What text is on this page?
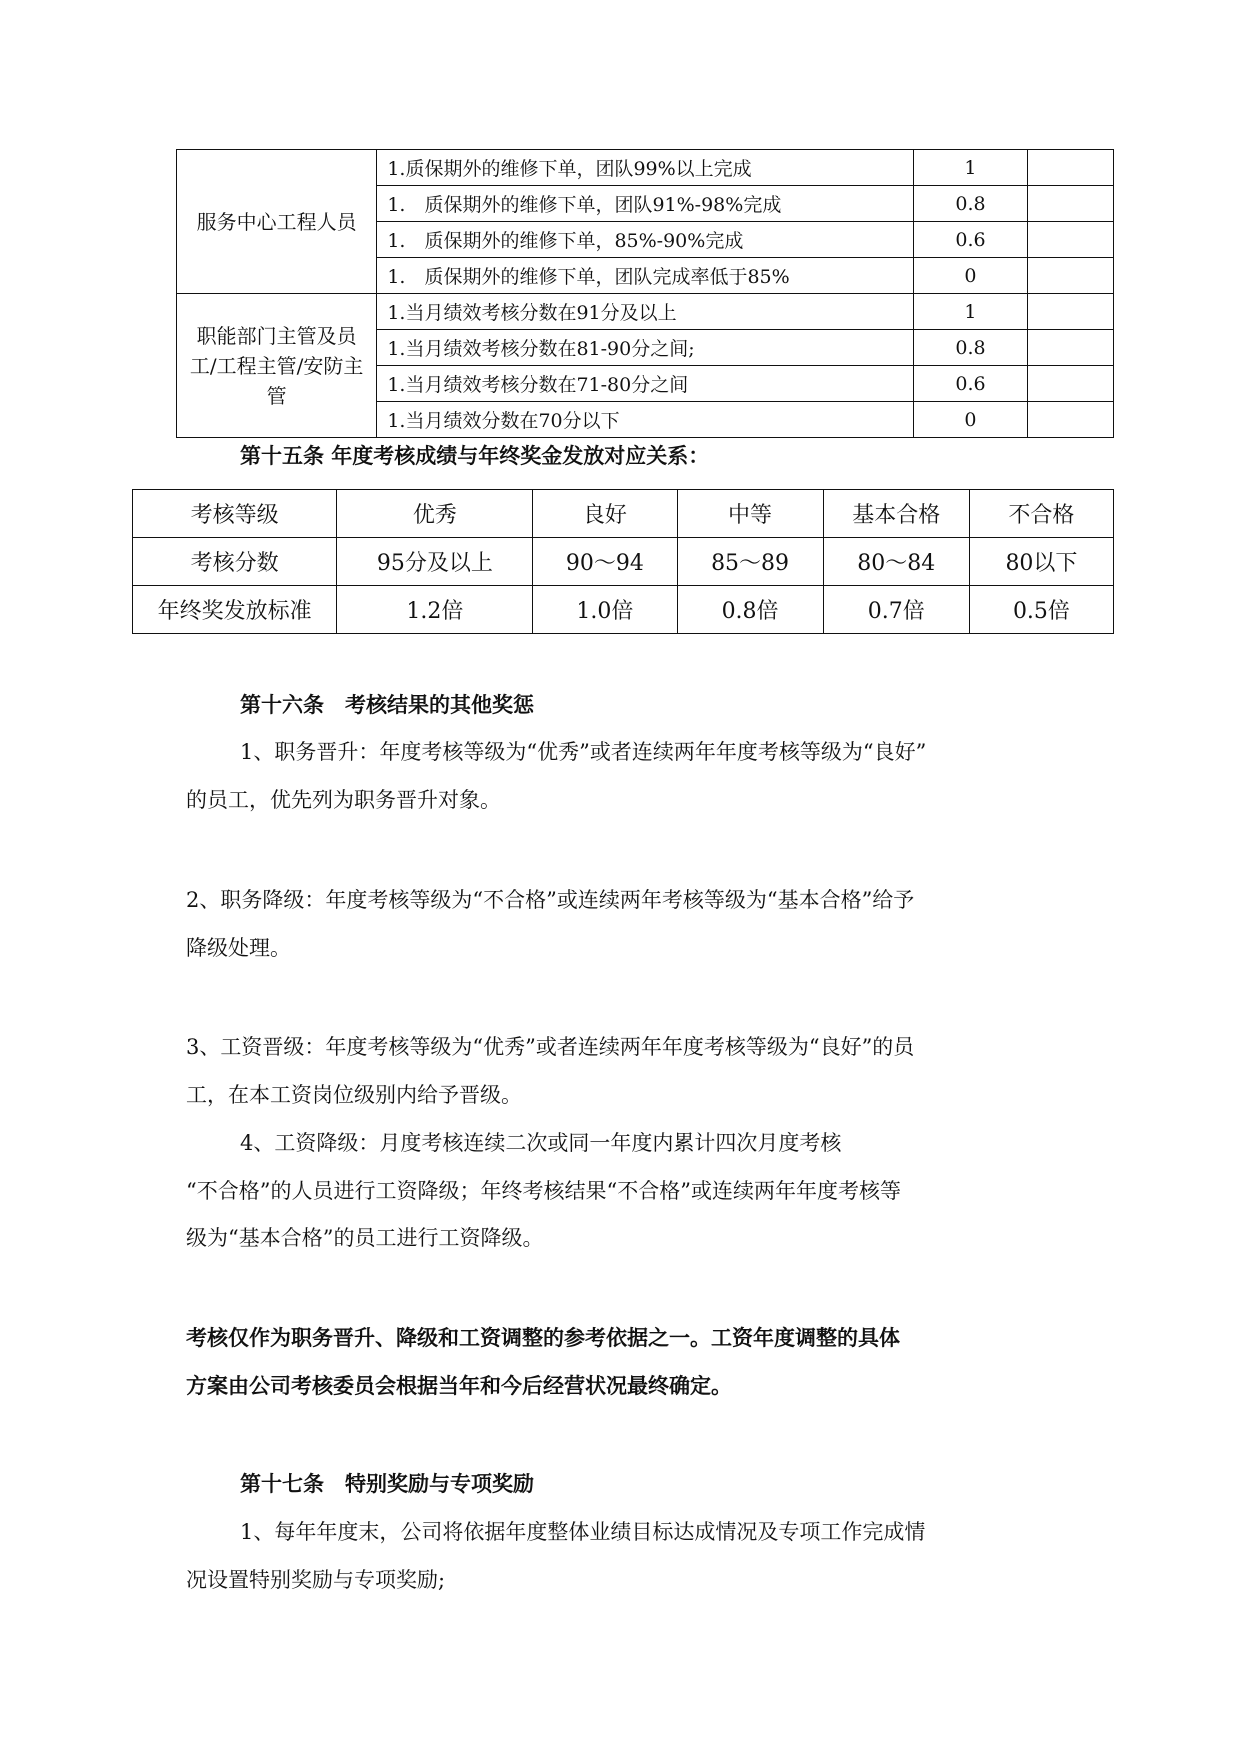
服务中心工程人员	1.质保期外的维修下单，团队99%以上完成	1	
	1.　质保期外的维修下单，团队91%-98%完成	0.8	
	1.　质保期外的维修下单，85%-90%完成	0.6	
	1.　质保期外的维修下单，团队完成率低于85%	0	

职能部门主管及员工/工程主管/安防主管	1.当月绩效考核分数在91分及以上	1	
	1.当月绩效考核分数在81-90分之间;	0.8	
	1.当月绩效考核分数在71-80分之间	0.6	
	1.当月绩效分数在70分以下	0	
第十五条 年度考核成绩与年终奖金发放对应关系：
考核等级	优秀	良好	中等	基本合格	不合格
考核分数	95分及以上	90～94	85～89	80～84	80以下
年终奖发放标准	1.2倍	1.0倍	0.8倍	0.7倍	0.5倍
第十六条　考核结果的其他奖惩
1、职务晋升：年度考核等级为“优秀”或者连续两年年度考核等级为“良好”
的员工，优先列为职务晋升对象。
2、职务降级：年度考核等级为“不合格”或连续两年考核等级为“基本合格”给予
降级处理。
3、工资晋级：年度考核等级为“优秀”或者连续两年年度考核等级为“良好”的员
工，在本工资岗位级别内给予晋级。
4、工资降级：月度考核连续二次或同一年度内累计四次月度考核
“不合格”的人员进行工资降级；年终考核结果“不合格”或连续两年年度考核等
级为“基本合格”的员工进行工资降级。
考核仅作为职务晋升、降级和工资调整的参考依据之一。工资年度调整的具体
方案由公司考核委员会根据当年和今后经营状况最终确定。
第十七条　特别奖励与专项奖励
1、每年年度末，公司将依据年度整体业绩目标达成情况及专项工作完成情
况设置特别奖励与专项奖励;
